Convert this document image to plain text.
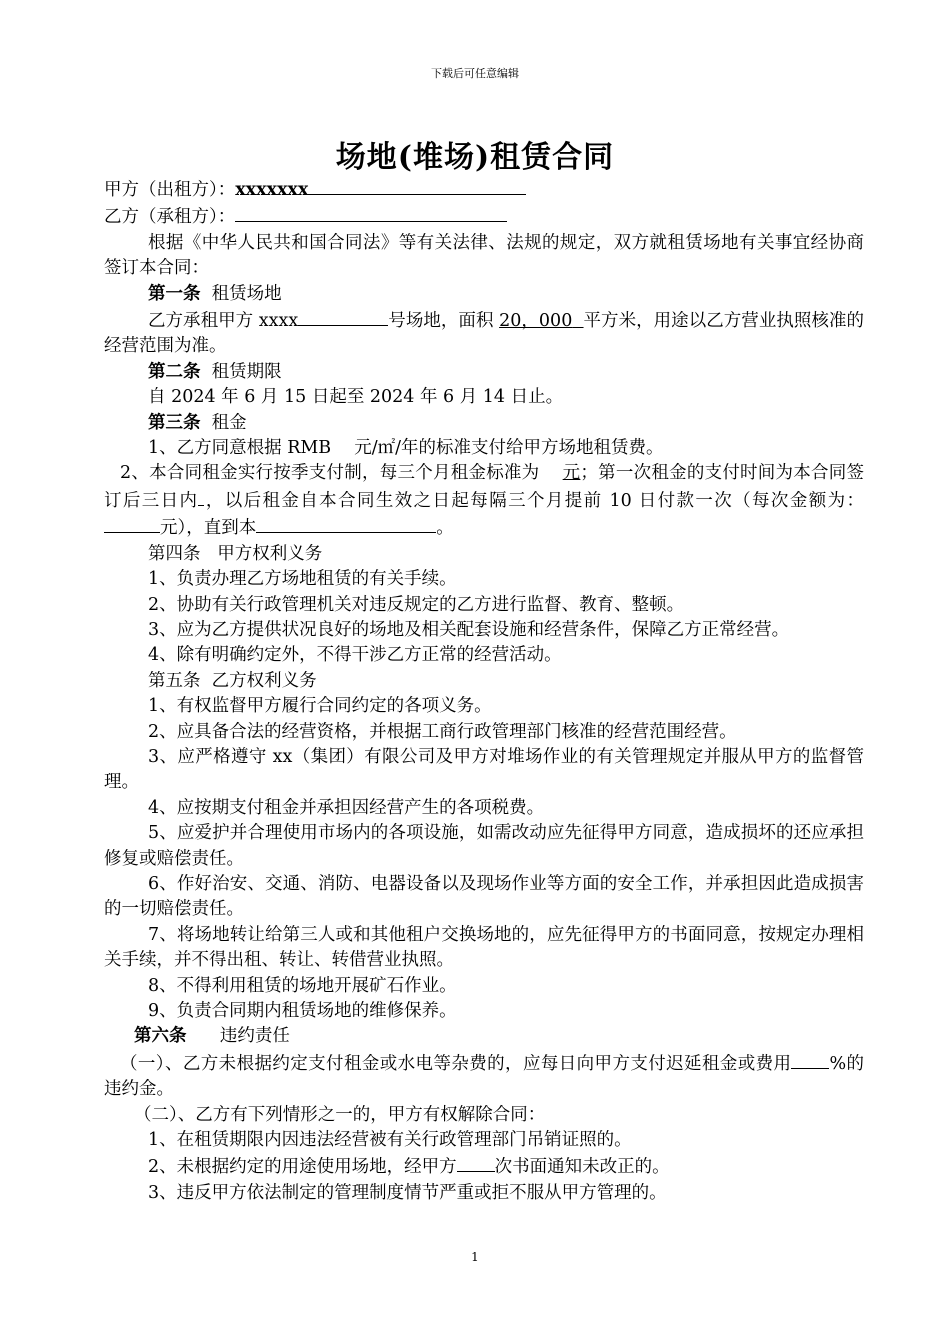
下载后可任意编辑
场地(堆场)租赁合同

甲方（出租方）：xxxxxxx

乙方（承租方）：

根据《中华人民共和国合同法》等有关法律、法规的规定，双方就租赁场地有关事宜经协商签订本合同：

第一条 租赁场地

乙方承租甲方 xxxx	号场地，面积 20，000 平方米，用途以乙方营业执照核准的经营范围为准。

第二条 租赁期限

自 2024 年 6 月 15 日起至 2024 年 6 月 14 日止。

第三条 租金

1、乙方同意根据 RMB　 元/㎡/年的标准支付给甲方场地租赁费。

2、本合同租金实行按季支付制，每三个月租金标准为 元；第一次租金的支付时间为本合同签订后三日内 ，以后租金自本合同生效之日起每隔三个月提前 10 日付款一次（每次金额为：元），直到本	。

第四条 甲方权利义务

1、负责办理乙方场地租赁的有关手续。

2、协助有关行政管理机关对违反规定的乙方进行监督、教育、整顿。

3、应为乙方提供状况良好的场地及相关配套设施和经营条件，保障乙方正常经营。

4、除有明确约定外，不得干涉乙方正常的经营活动。

第五条 乙方权利义务

1、有权监督甲方履行合同约定的各项义务。

2、应具备合法的经营资格，并根据工商行政管理部门核准的经营范围经营。

3、应严格遵守 xx（集团）有限公司及甲方对堆场作业的有关管理规定并服从甲方的监督管理。

4、应按期支付租金并承担因经营产生的各项税费。

5、应爱护并合理使用市场内的各项设施，如需改动应先征得甲方同意，造成损坏的还应承担修复或赔偿责任。

6、作好治安、交通、消防、电器设备以及现场作业等方面的安全工作，并承担因此造成损害的一切赔偿责任。

7、将场地转让给第三人或和其他租户交换场地的，应先征得甲方的书面同意，按规定办理相关手续，并不得出租、转让、转借营业执照。

8、不得利用租赁的场地开展矿石作业。

9、负责合同期内租赁场地的维修保养。

第六条 违约责任

（一）、乙方未根据约定支付租金或水电等杂费的，应每日向甲方支付迟延租金或费用 %的违约金。

（二）、乙方有下列情形之一的，甲方有权解除合同：

1、在租赁期限内因违法经营被有关行政管理部门吊销证照的。

2、未根据约定的用途使用场地，经甲方 次书面通知未改正的。

3、违反甲方依法制定的管理制度情节严重或拒不服从甲方管理的。

1
